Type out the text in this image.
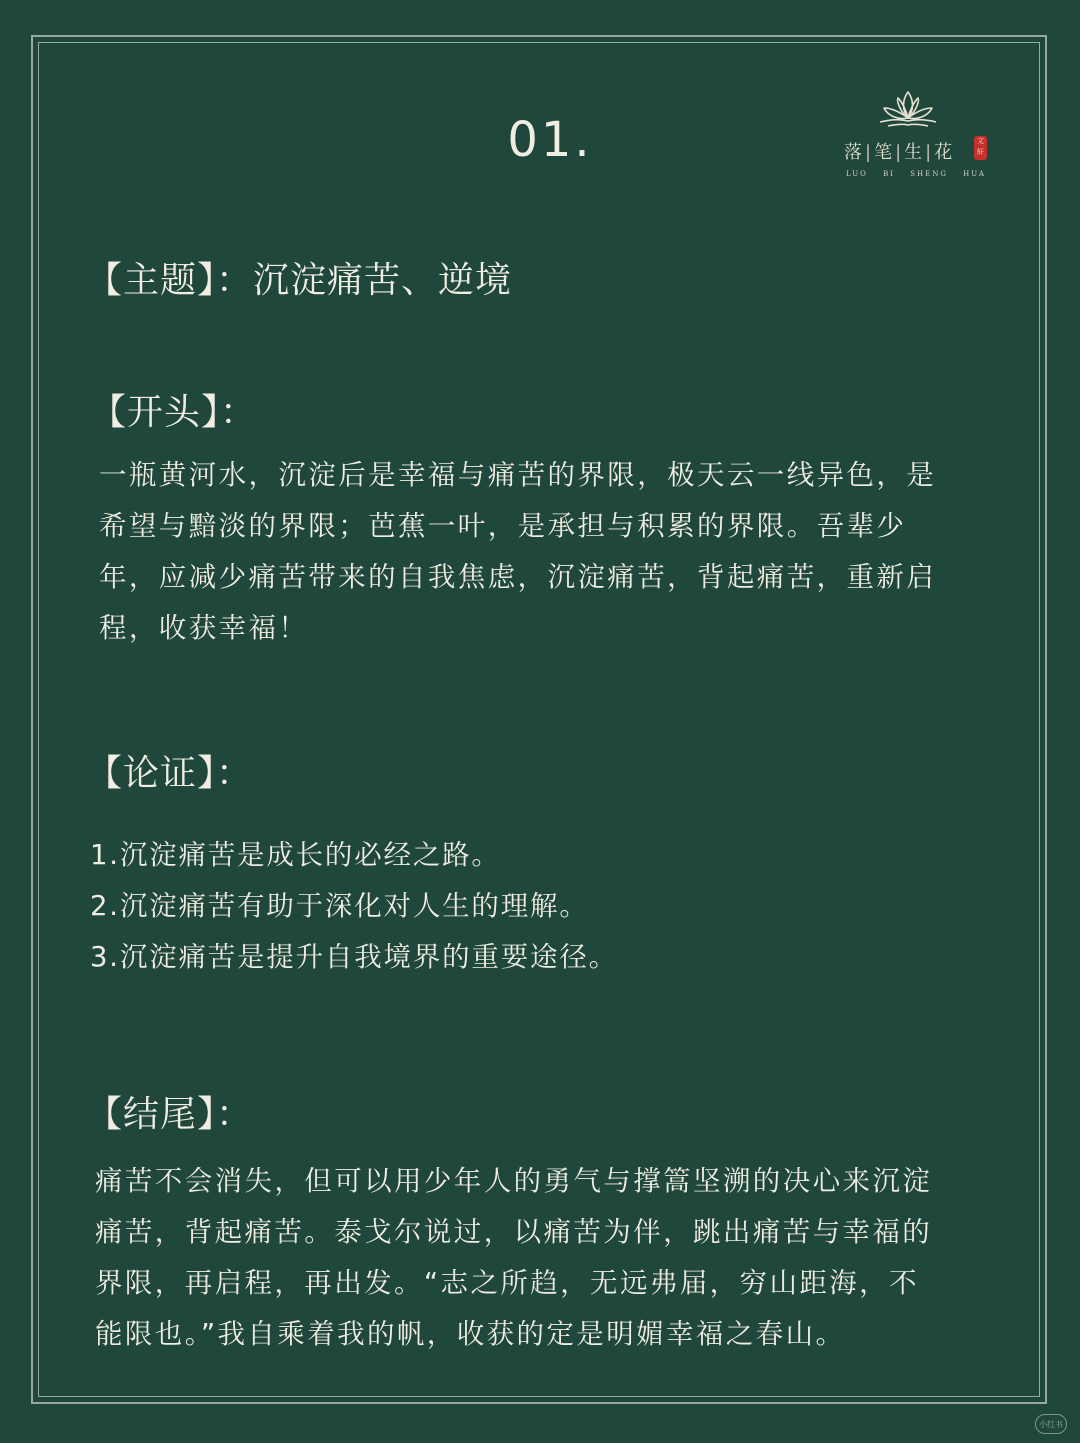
01.	落 | 笔 | 生 | 花
文轩
LUO BI SHENG HUA
【主题】：沉淀痛苦、逆境
【开头】：

一瓶黄河水，沉淀后是幸福与痛苦的界限，极天云一线异色，是
希望与黯淡的界限；芭蕉一叶，是承担与积累的界限。吾辈少
年，应减少痛苦带来的自我焦虑，沉淀痛苦，背起痛苦，重新启
程，收获幸福！

【论证】：
1.沉淀痛苦是成长的必经之路。
2.沉淀痛苦有助于深化对人生的理解。
3.沉淀痛苦是提升自我境界的重要途径。
【结尾】：

痛苦不会消失，但可以用少年人的勇气与撑篙坚溯的决心来沉淀
痛苦，背起痛苦。泰戈尔说过，以痛苦为伴，跳出痛苦与幸福的
界限，再启程，再出发。“志之所趋，无远弗届，穷山距海，不
能限也。”我自乘着我的帆，收获的定是明媚幸福之春山。

小红书
